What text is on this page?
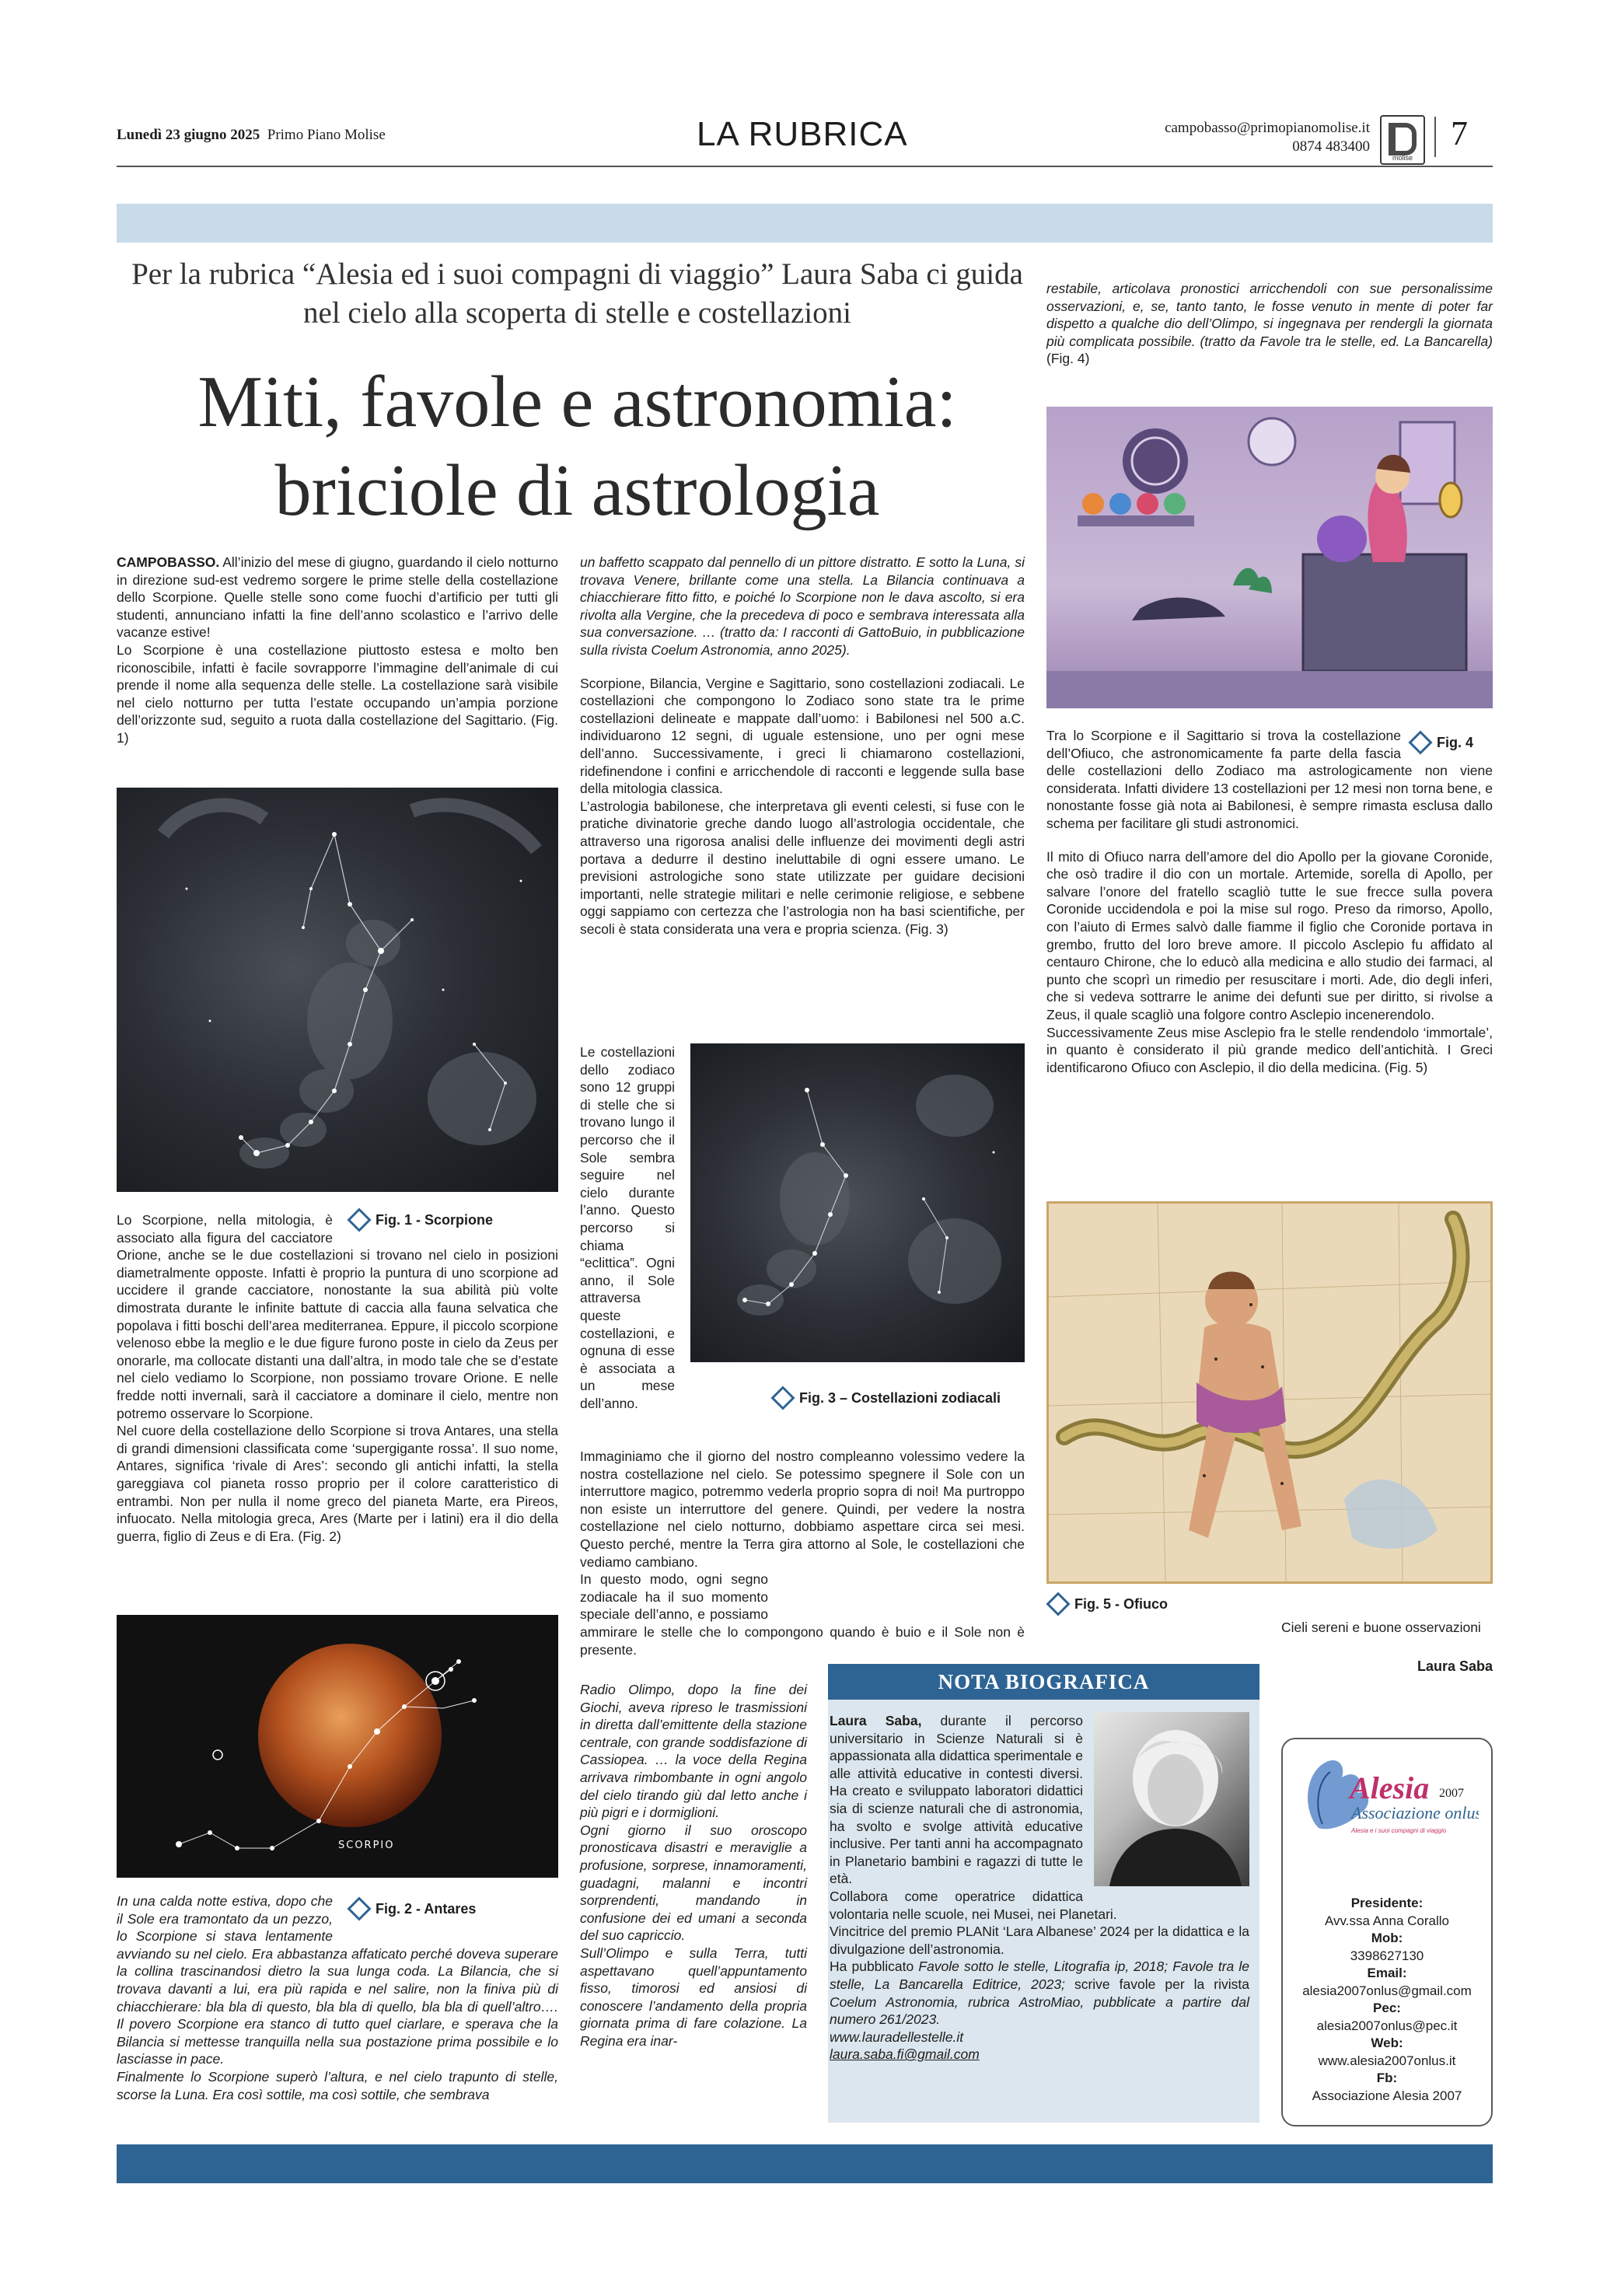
Lunedì 23 giugno 2025 Primo Piano Molise	LA RUBRICA	campobasso@primopianomolise.it
0874 483400
molise
7
Per la rubrica “Alesia ed i suoi compagni di viaggio” Laura Saba ci guida nel cielo alla scoperta di stelle e costellazioni
Miti, favole e astronomia:
briciole di astrologia

CAMPOBASSO. All’inizio del mese di giugno, guardando il cielo notturno in direzione sud-est vedremo sorgere le prime stelle della costellazione dello Scorpione. Quelle stelle sono come fuochi d’artificio per tutti gli studenti, annunciano infatti la fine dell’anno scolastico e l’arrivo delle vacanze estive!

Lo Scorpione è una costellazione piuttosto estesa e molto ben riconoscibile, infatti è facile sovrapporre l’immagine dell’animale di cui prende il nome alla sequenza delle stelle. La costellazione sarà visibile nel cielo notturno per tutta l’estate occupando un’ampia porzione dell’orizzonte sud, seguito a ruota dalla costellazione del Sagittario. (Fig. 1)

Fig. 1 - Scorpione

Lo Scorpione, nella mitologia, è associato alla figura del cacciatore Orione, anche se le due costellazioni si trovano nel cielo in posizioni diametralmente opposte. Infatti è proprio la puntura di uno scorpione ad uccidere il grande cacciatore, nonostante la sua abilità più volte dimostrata durante le infinite battute di caccia alla fauna selvatica che popolava i fitti boschi dell’area mediterranea. Eppure, il piccolo scorpione velenoso ebbe la meglio e le due figure furono poste in cielo da Zeus per onorarle, ma collocate distanti una dall’altra, in modo tale che se d’estate nel cielo vediamo lo Scorpione, non possiamo trovare Orione. E nelle fredde notti invernali, sarà il cacciatore a dominare il cielo, mentre non potremo osservare lo Scorpione.

Nel cuore della costellazione dello Scorpione si trova Antares, una stella di grandi dimensioni classificata come ‘supergigante rossa’. Il suo nome, Antares, significa ‘rivale di Ares’: secondo gli antichi infatti, la stella gareggiava col pianeta rosso proprio per il colore caratteristico di entrambi. Non per nulla il nome greco del pianeta Marte, era Pireos, infuocato. Nella mitologia greca, Ares (Marte per i latini) era il dio della guerra, figlio di Zeus e di Era. (Fig. 2)

SCORPIO
Fig. 2 - Antares

In una calda notte estiva, dopo che il Sole era tramontato da un pezzo, lo Scorpione si stava lentamente avviando su nel cielo. Era abbastanza affaticato perché doveva superare la collina trascinandosi dietro la sua lunga coda. La Bilancia, che si trovava davanti a lui, era più rapida e nel salire, non la finiva più di chiacchierare: bla bla di questo, bla bla di quello, bla bla di quell’altro…. Il povero Scorpione era stanco di tutto quel ciarlare, e sperava che la Bilancia si mettesse tranquilla nella sua postazione prima possibile e lo lasciasse in pace.

Finalmente lo Scorpione superò l’altura, e nel cielo trapunto di stelle, scorse la Luna. Era così sottile, ma così sottile, che sembrava

un baffetto scappato dal pennello di un pittore distratto. E sotto la Luna, si trovava Venere, brillante come una stella. La Bilancia continuava a chiacchierare fitto fitto, e poiché lo Scorpione non le dava ascolto, si era rivolta alla Vergine, che la precedeva di poco e sembrava interessata alla sua conversazione. … (tratto da: I racconti di GattoBuio, in pubblicazione sulla rivista Coelum Astronomia, anno 2025).

Scorpione, Bilancia, Vergine e Sagittario, sono costellazioni zodiacali. Le costellazioni che compongono lo Zodiaco sono state tra le prime costellazioni delineate e mappate dall’uomo: i Babilonesi nel 500 a.C. individuarono 12 segni, di uguale estensione, uno per ogni mese dell’anno. Successivamente, i greci li chiamarono costellazioni, ridefinendone i confini e arricchendole di racconti e leggende sulla base della mitologia classica.

L’astrologia babilonese, che interpretava gli eventi celesti, si fuse con le pratiche divinatorie greche dando luogo all’astrologia occidentale, che attraverso una rigorosa analisi delle influenze dei movimenti degli astri portava a dedurre il destino ineluttabile di ogni essere umano. Le previsioni astrologiche sono state utilizzate per guidare decisioni importanti, nelle strategie militari e nelle cerimonie religiose, e sebbene oggi sappiamo con certezza che l’astrologia non ha basi scientifiche, per secoli è stata considerata una vera e propria scienza. (Fig. 3)

Le costellazioni dello zodiaco sono 12 gruppi di stelle che si trovano lungo il percorso che il Sole sembra seguire nel cielo durante l’anno. Questo percorso si chiama “eclittica”. Ogni anno, il Sole attraversa queste costellazioni, e ognuna di esse è associata a un mese dell’anno.	Fig. 3 – Costellazioni zodiacali

Immaginiamo che il giorno del nostro compleanno volessimo vedere la nostra costellazione nel cielo. Se potessimo spegnere il Sole con un interruttore magico, potremmo vederla proprio sopra di noi! Ma purtroppo non esiste un interruttore del genere. Quindi, per vedere la nostra costellazione nel cielo notturno, dobbiamo aspettare circa sei mesi. Questo perché, mentre la Terra gira attorno al Sole, le costellazioni che vediamo cambiano.

In questo modo, ogni segno zodiacale ha il suo momento speciale dell’anno, e possiamo ammirare le stelle che lo compongono quando è buio e il Sole non è presente.

Radio Olimpo, dopo la fine dei Giochi, aveva ripreso le trasmissioni in diretta dall’emittente della stazione centrale, con grande soddisfazione di Cassiopea. … la voce della Regina arrivava rimbombante in ogni angolo del cielo tirando giù dal letto anche i più pigri e i dormiglioni.

Ogni giorno il suo oroscopo pronosticava disastri e meraviglie a profusione, sorprese, innamoramenti, guadagni, malanni e incontri sorprendenti, mandando in confusione dei ed umani a seconda del suo capriccio.

Sull’Olimpo e sulla Terra, tutti aspettavano quell’appuntamento fisso, timorosi ed ansiosi di conoscere l’andamento della propria giornata prima di fare colazione. La Regina era inar-

restabile, articolava pronostici arricchendoli con sue personalissime osservazioni, e, se, tanto tanto, le fosse venuto in mente di poter far dispetto a qualche dio dell’Olimpo, si ingegnava per rendergli la giornata più complicata possibile. (tratto da Favole tra le stelle, ed. La Bancarella) (Fig. 4)

Fig. 4

Tra lo Scorpione e il Sagittario si trova la costellazione dell’Ofiuco, che astronomicamente fa parte della fascia delle costellazioni dello Zodiaco ma astrologicamente non viene considerata. Infatti dividere 13 costellazioni per 12 mesi non torna bene, e nonostante fosse già nota ai Babilonesi, è sempre rimasta esclusa dallo schema per facilitare gli studi astronomici.

Il mito di Ofiuco narra dell’amore del dio Apollo per la giovane Coronide, che osò tradire il dio con un mortale. Artemide, sorella di Apollo, per salvare l’onore del fratello scagliò tutte le sue frecce sulla povera Coronide uccidendola e poi la mise sul rogo. Preso da rimorso, Apollo, con l’aiuto di Ermes salvò dalle fiamme il figlio che Coronide portava in grembo, frutto del loro breve amore. Il piccolo Asclepio fu affidato al centauro Chirone, che lo educò alla medicina e allo studio dei farmaci, al punto che scoprì un rimedio per resuscitare i morti. Ade, dio degli inferi, che si vedeva sottrarre le anime dei defunti sue per diritto, si rivolse a Zeus, il quale scagliò una folgore contro Asclepio incenerendolo.

Successivamente Zeus mise Asclepio fra le stelle rendendolo ‘immortale’, in quanto è considerato il più grande medico dell’antichità. I Greci identificarono Ofiuco con Asclepio, il dio della medicina. (Fig. 5)

Fig. 5 - Ofiuco

Cieli sereni e buone osservazioni

Laura Saba
NOTA BIOGRAFICA

Laura Saba, durante il percorso universitario in Scienze Naturali si è appassionata alla didattica sperimentale e alle attività educative in contesti diversi. Ha creato e sviluppato laboratori didattici sia di scienze naturali che di astronomia, ha svolto e svolge attività educative inclusive. Per tanti anni ha accompagnato in Planetario bambini e ragazzi di tutte le età.

Collabora come operatrice didattica volontaria nelle scuole, nei Musei, nei Planetari.

Vincitrice del premio PLANit ‘Lara Albanese’ 2024 per la didattica e la divulgazione dell’astronomia.

Ha pubblicato Favole sotto le stelle, Litografia ip, 2018; Favole tra le stelle, La Bancarella Editrice, 2023; scrive favole per la rivista Coelum Astronomia, rubrica AstroMiao, pubblicate a partire dal numero 261/2023.

www.lauradellestelle.it

laura.saba.fi@gmail.com

Alesia 2007
Associazione onlus
Alesia e i suoi compagni di viaggio
Presidente:
Avv.ssa Anna Corallo
Mob:
3398627130
Email:
alesia2007onlus@gmail.com
Pec:
alesia2007onlus@pec.it
Web:
www.alesia2007onlus.it
Fb:
Associazione Alesia 2007
